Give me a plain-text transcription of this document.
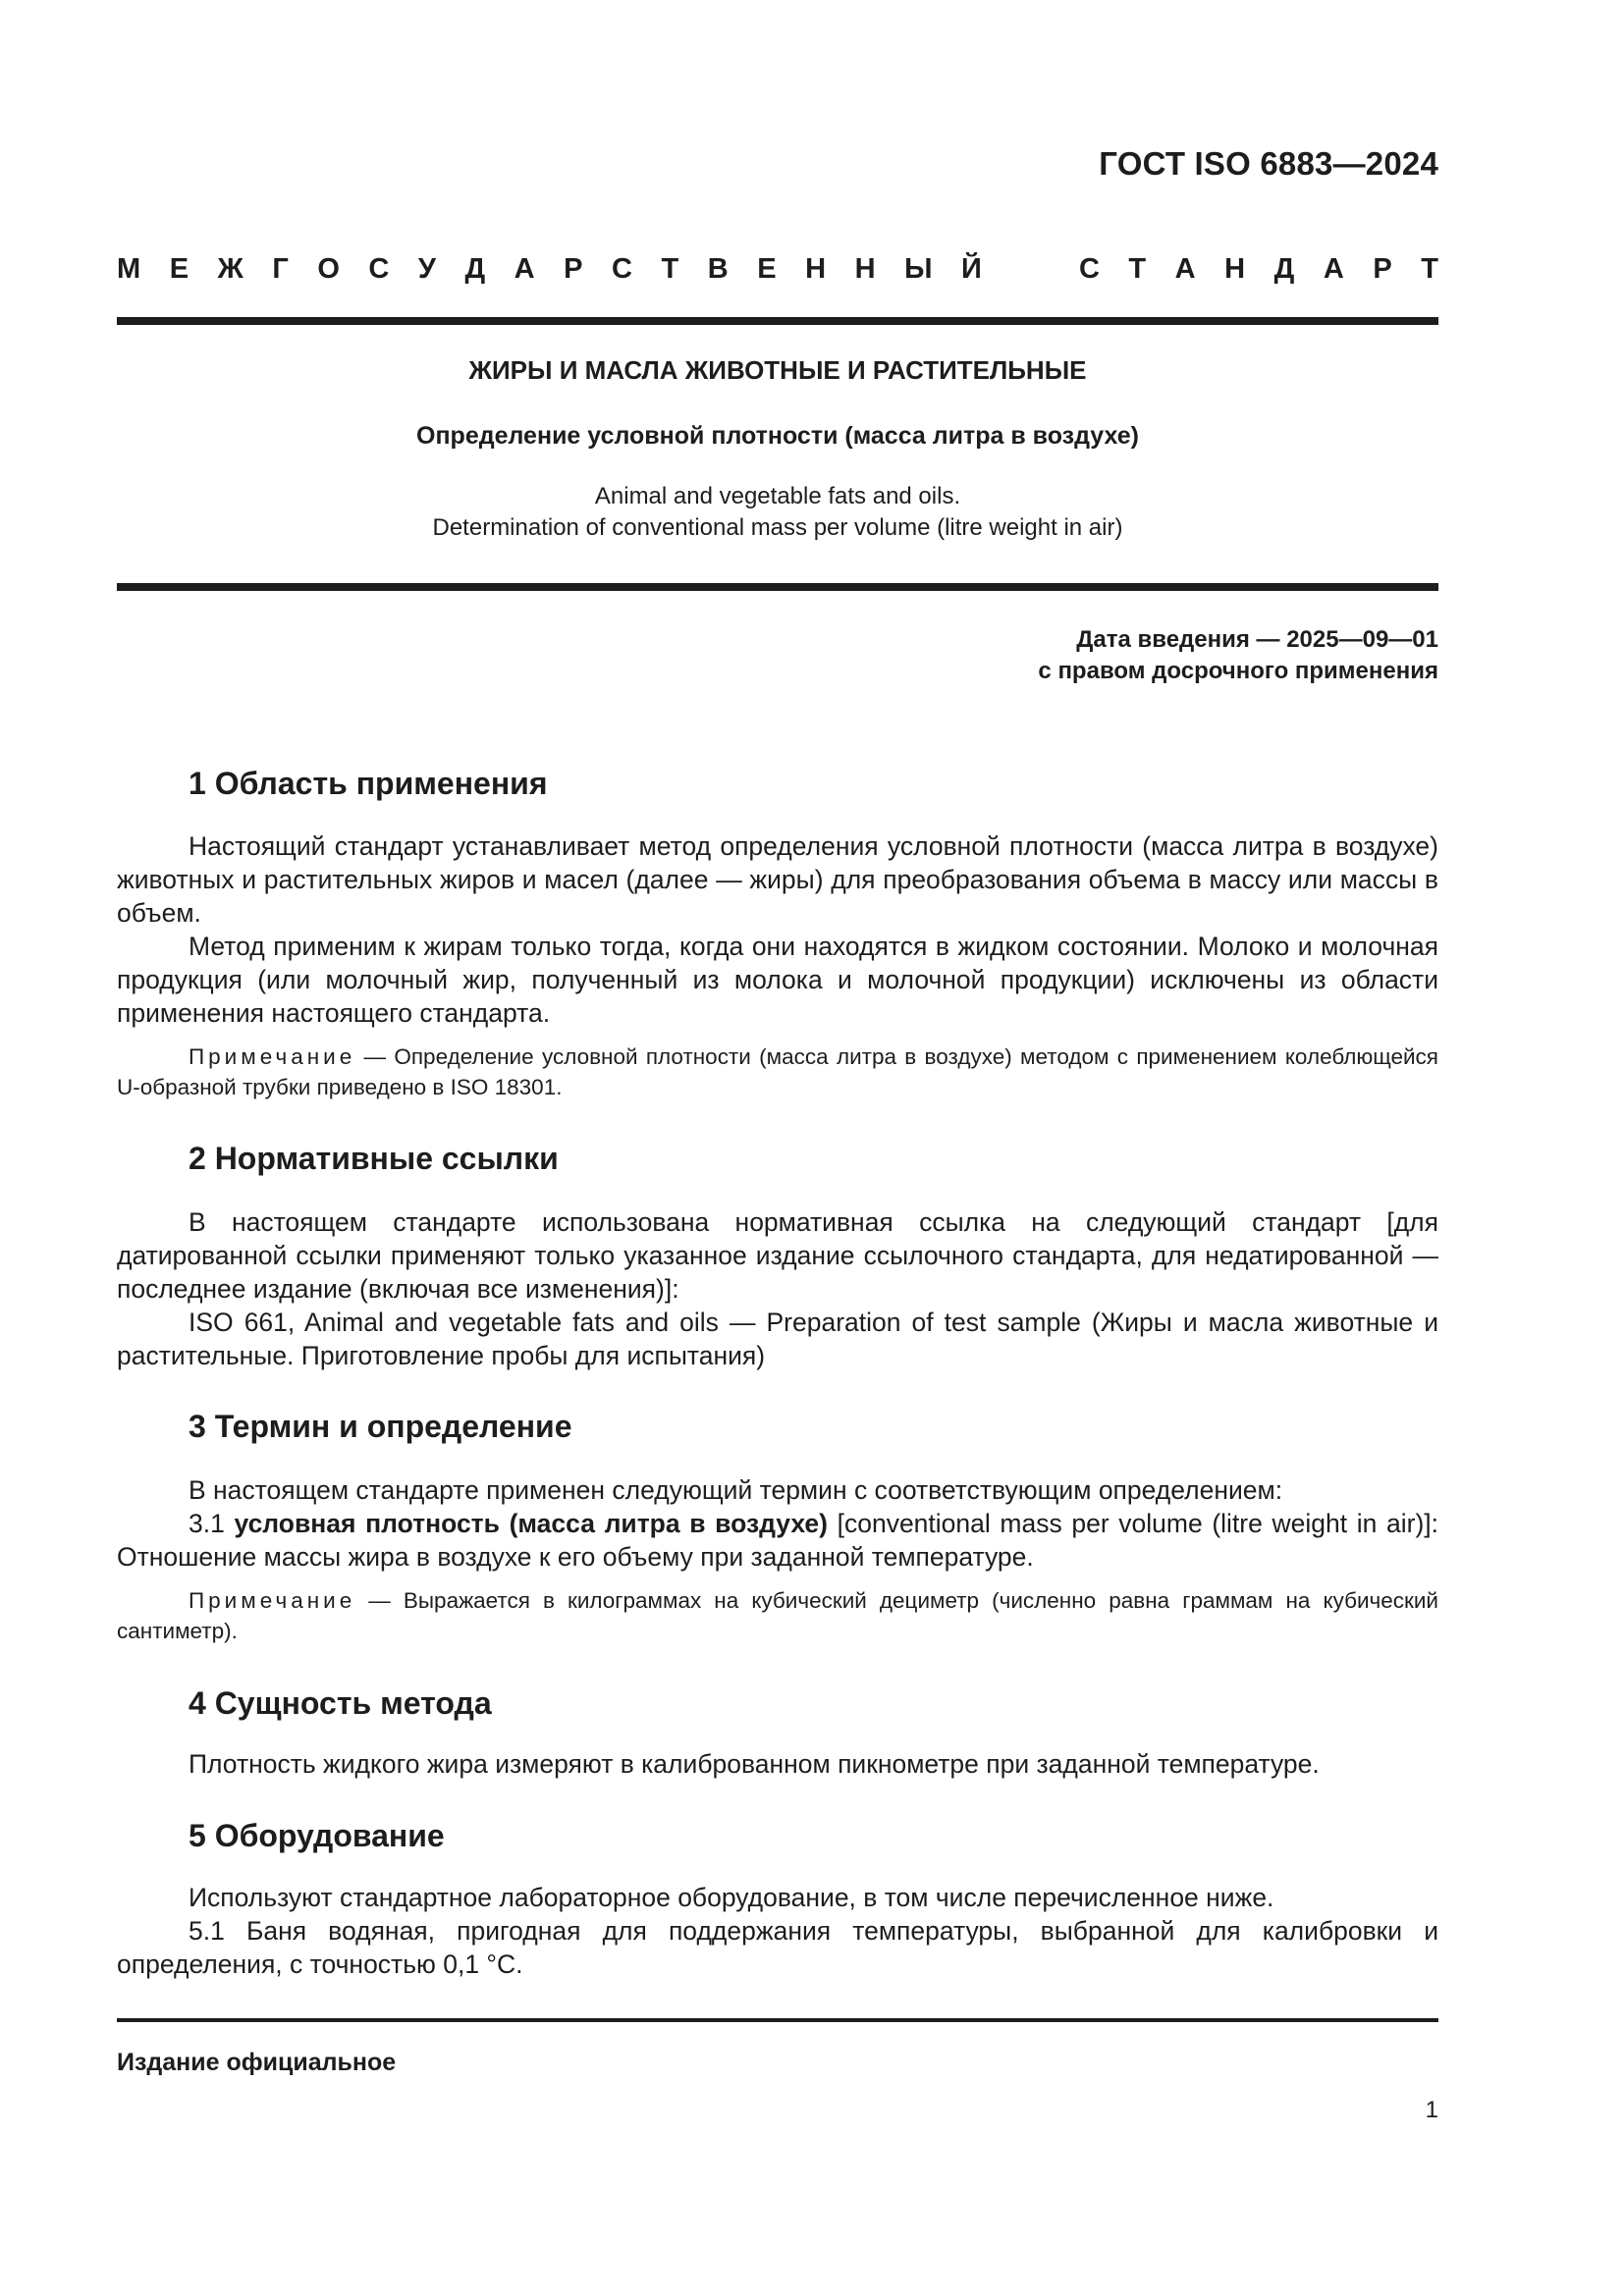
ГОСТ ISO 6883—2024
М Е Ж Г О С У Д А Р С Т В Е Н Н Ы Й	С Т А Н Д А Р Т
ЖИРЫ И МАСЛА ЖИВОТНЫЕ И РАСТИТЕЛЬНЫЕ
Определение условной плотности (масса литра в воздухе)
Animal and vegetable fats and oils.
Determination of conventional mass per volume (litre weight in air)
Дата введения — 2025—09—01
с правом досрочного применения
1 Область применения

Настоящий стандарт устанавливает метод определения условной плотности (масса литра в воздухе) животных и растительных жиров и масел (далее — жиры) для преобразования объема в массу или массы в объем.

Метод применим к жирам только тогда, когда они находятся в жидком состоянии. Молоко и молочная продукция (или молочный жир, полученный из молока и молочной продукции) исключены из области применения настоящего стандарта.

Примечание — Определение условной плотности (масса литра в воздухе) методом с применением колеблющейся U-образной трубки приведено в ISO 18301.

2 Нормативные ссылки

В настоящем стандарте использована нормативная ссылка на следующий стандарт [для датированной ссылки применяют только указанное издание ссылочного стандарта, для недатированной — последнее издание (включая все изменения)]:

ISO 661, Animal and vegetable fats and oils — Preparation of test sample (Жиры и масла животные и растительные. Приготовление пробы для испытания)

3 Термин и определение

В настоящем стандарте применен следующий термин с соответствующим определением:

3.1 условная плотность (масса литра в воздухе) [conventional mass per volume (litre weight in air)]: Отношение массы жира в воздухе к его объему при заданной температуре.

Примечание — Выражается в килограммах на кубический дециметр (численно равна граммам на кубический сантиметр).

4 Сущность метода

Плотность жидкого жира измеряют в калиброванном пикнометре при заданной температуре.

5 Оборудование

Используют стандартное лабораторное оборудование, в том числе перечисленное ниже.

5.1 Баня водяная, пригодная для поддержания температуры, выбранной для калибровки и определения, с точностью 0,1 °С.

Издание официальное
1
